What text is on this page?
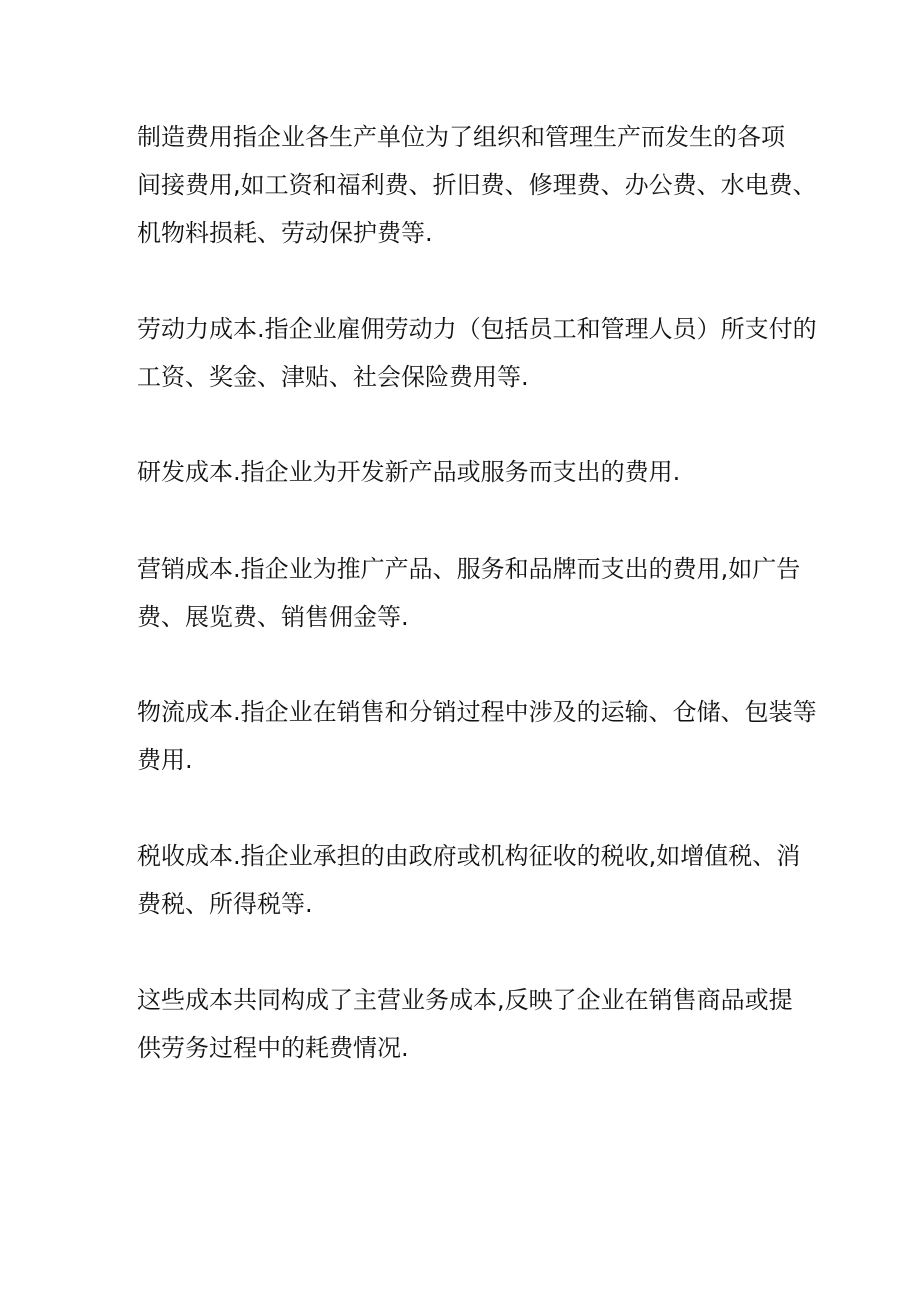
制造费用指企业各生产单位为了组织和管理生产而发生的各项
间接费用,如工资和福利费、折旧费、修理费、办公费、水电费、
机物料损耗、劳动保护费等.
劳动力成本.指企业雇佣劳动力（包括员工和管理人员）所支付的
工资、奖金、津贴、社会保险费用等.
研发成本.指企业为开发新产品或服务而支出的费用.
营销成本.指企业为推广产品、服务和品牌而支出的费用,如广告
费、展览费、销售佣金等.
物流成本.指企业在销售和分销过程中涉及的运输、仓储、包装等
费用.
税收成本.指企业承担的由政府或机构征收的税收,如增值税、消
费税、所得税等.
这些成本共同构成了主营业务成本,反映了企业在销售商品或提
供劳务过程中的耗费情况.
